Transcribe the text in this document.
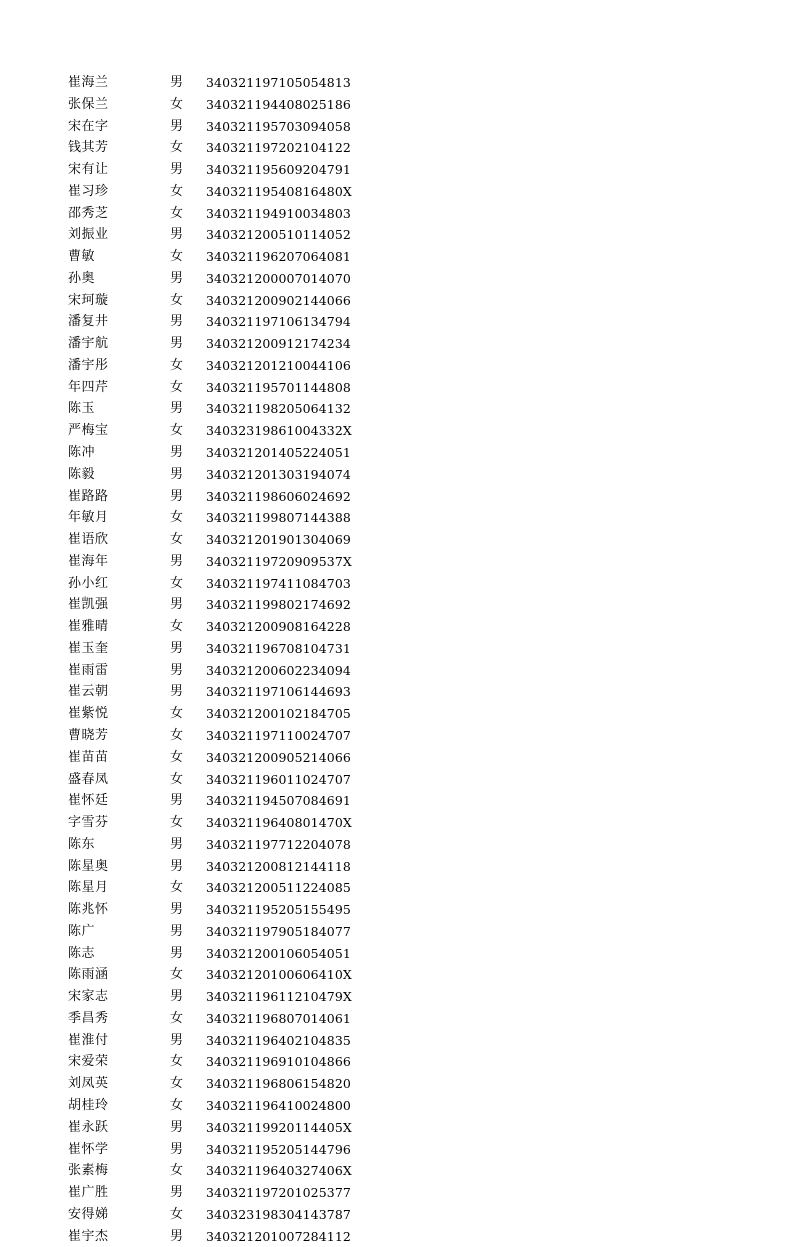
崔海兰	男	340321197105054813
张保兰	女	340321194408025186
宋在字	男	340321195703094058
钱其芳	女	340321197202104122
宋有让	男	340321195609204791
崔习珍	女	34032119540816480X
邵秀芝	女	340321194910034803
刘振业	男	340321200510114052
曹敏	女	340321196207064081
孙奥	男	340321200007014070
宋珂璇	女	340321200902144066
潘复井	男	340321197106134794
潘宇航	男	340321200912174234
潘宇彤	女	340321201210044106
年四芹	女	340321195701144808
陈玉	男	340321198205064132
严梅宝	女	34032319861004332X
陈冲	男	340321201405224051
陈毅	男	340321201303194074
崔路路	男	340321198606024692
年敏月	女	340321199807144388
崔语欣	女	340321201901304069
崔海年	男	34032119720909537X
孙小红	女	340321197411084703
崔凯强	男	340321199802174692
崔雅晴	女	340321200908164228
崔玉奎	男	340321196708104731
崔雨雷	男	340321200602234094
崔云朝	男	340321197106144693
崔紫悦	女	340321200102184705
曹晓芳	女	340321197110024707
崔苗苗	女	340321200905214066
盛春凤	女	340321196011024707
崔怀廷	男	340321194507084691
字雪芬	女	34032119640801470X
陈东	男	340321197712204078
陈星奥	男	340321200812144118
陈星月	女	340321200511224085
陈兆怀	男	340321195205155495
陈广	男	340321197905184077
陈志	男	340321200106054051
陈雨涵	女	34032120100606410X
宋家志	男	34032119611210479X
季昌秀	女	340321196807014061
崔淮付	男	340321196402104835
宋爱荣	女	340321196910104866
刘凤英	女	340321196806154820
胡桂玲	女	340321196410024800
崔永跃	男	34032119920114405X
崔怀学	男	340321195205144796
张素梅	女	34032119640327406X
崔广胜	男	340321197201025377
安得娣	女	340323198304143787
崔宇杰	男	340321201007284112
